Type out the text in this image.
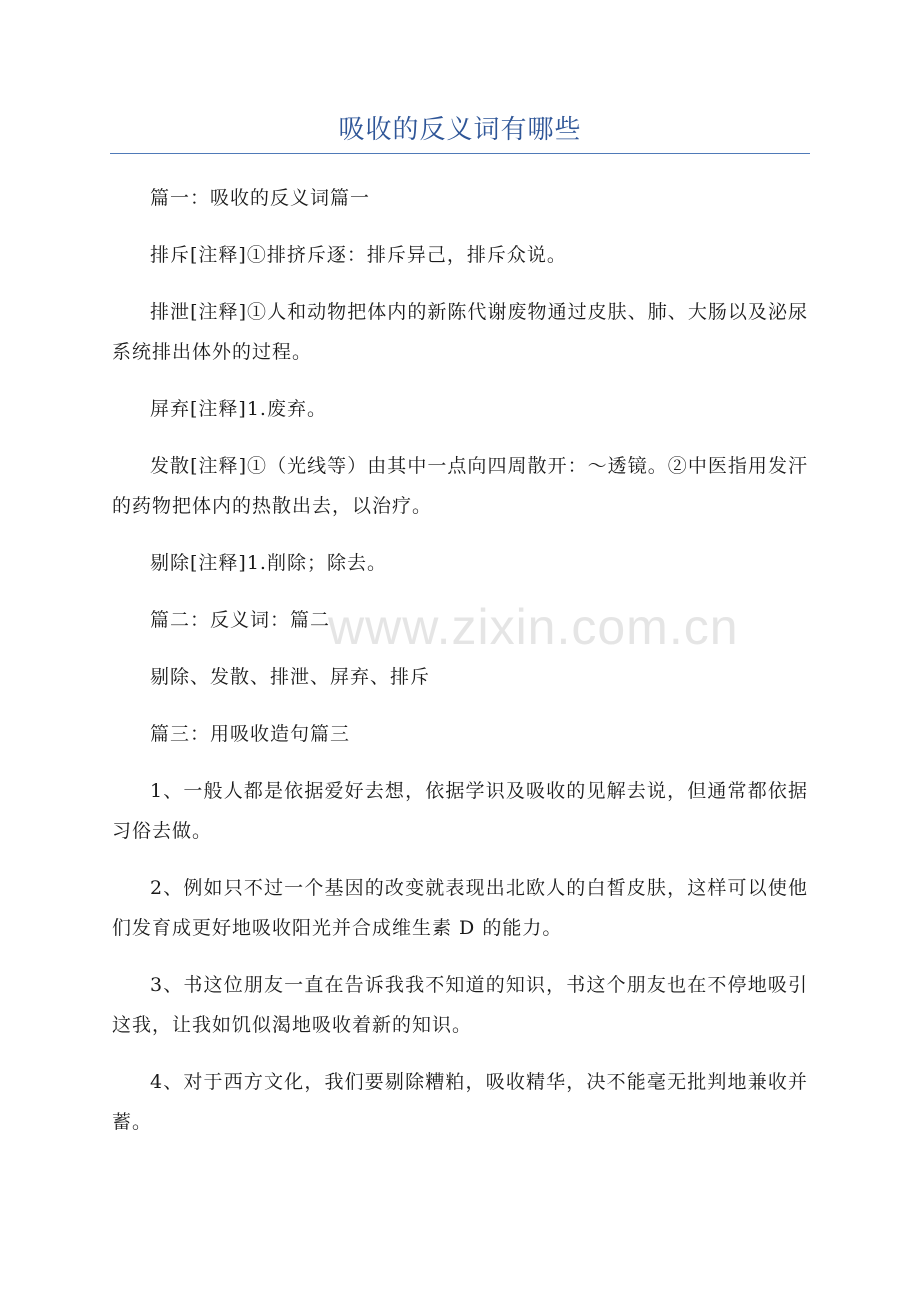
吸收的反义词有哪些

篇一：吸收的反义词篇一

排斥[注释]①排挤斥逐：排斥异己，排斥众说。

排泄[注释]①人和动物把体内的新陈代谢废物通过皮肤、肺、大肠以及泌尿系统排出体外的过程。

屏弃[注释]1.废弃。

发散[注释]①（光线等）由其中一点向四周散开：～透镜。②中医指用发汗的药物把体内的热散出去，以治疗。

剔除[注释]1.削除；除去。

篇二：反义词：篇二

剔除、发散、排泄、屏弃、排斥

篇三：用吸收造句篇三

1、一般人都是依据爱好去想，依据学识及吸收的见解去说，但通常都依据习俗去做。

2、例如只不过一个基因的改变就表现出北欧人的白皙皮肤，这样可以使他们发育成更好地吸收阳光并合成维生素 D 的能力。

3、书这位朋友一直在告诉我我不知道的知识，书这个朋友也在不停地吸引这我，让我如饥似渴地吸收着新的知识。

4、对于西方文化，我们要剔除糟粕，吸收精华，决不能毫无批判地兼收并蓄。

www.zixin.com.cn
